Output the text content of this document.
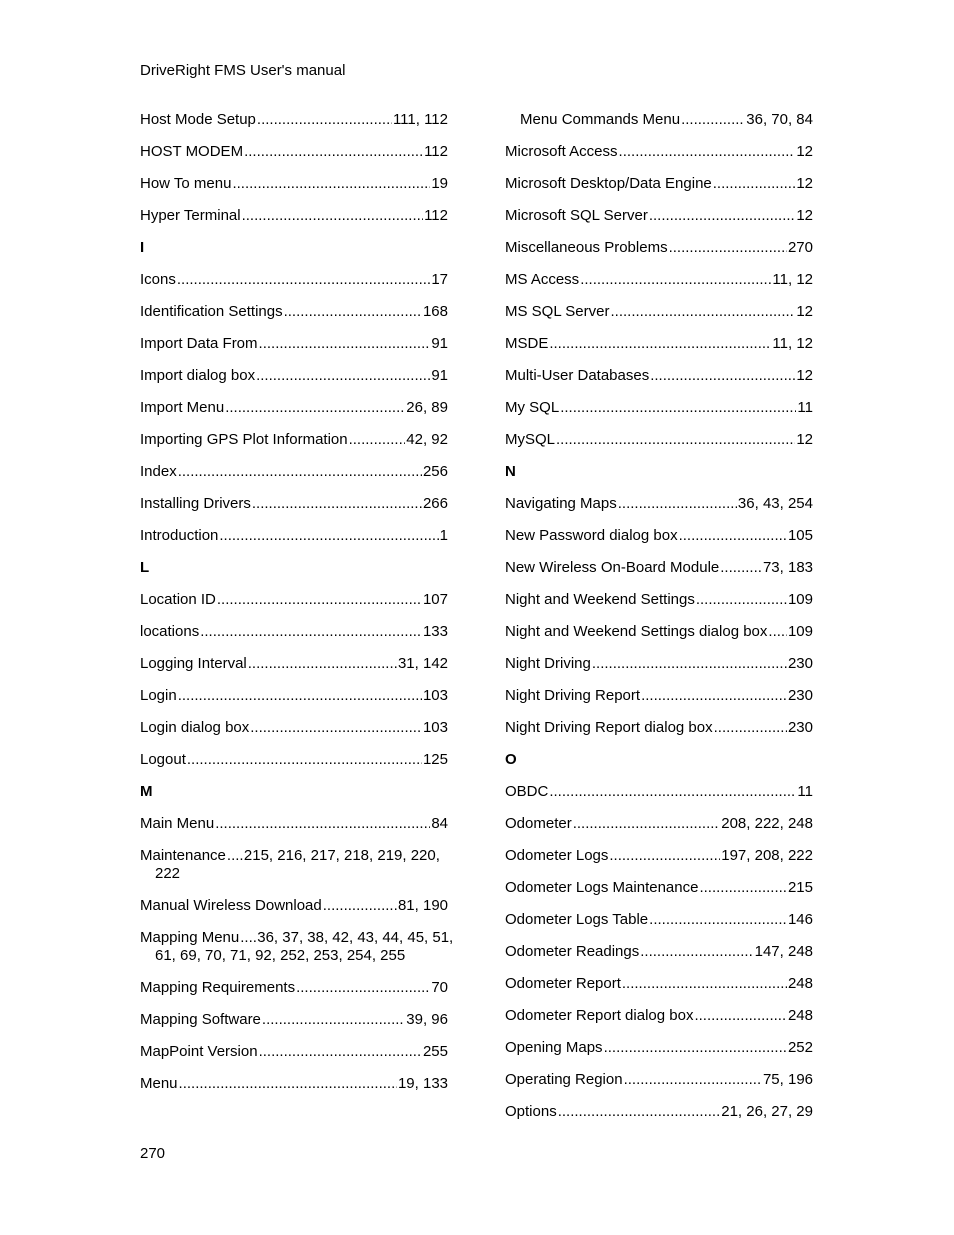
DriveRight FMS User's manual
Host Mode Setup .....	111, 112
HOST MODEM .....	112
How To menu .....	19
Hyper Terminal .....	112
I
Icons .....	17
Identification Settings .....	168
Import Data From .....	91
Import dialog box .....	91
Import Menu .....	26, 89
Importing GPS Plot Information .....	42, 92
Index .....	256
Installing Drivers .....	266
Introduction .....	1
L
Location ID .....	107
locations .....	133
Logging Interval .....	31, 142
Login .....	103
Login dialog box .....	103
Logout .....	125
M
Main Menu .....	84
Maintenance ..... 215, 216, 217, 218, 219, 220,
222
Manual Wireless Download .....	81, 190
Mapping Menu ..... 36, 37, 38, 42, 43, 44, 45, 51,
61, 69, 70, 71, 92, 252, 253, 254, 255
Mapping Requirements .....	70
Mapping Software .....	39, 96
MapPoint Version .....	255
Menu .....	19, 133
Menu Commands Menu .....	36, 70, 84
Microsoft Access .....	12
Microsoft Desktop/Data Engine .....	12
Microsoft SQL Server .....	12
Miscellaneous Problems .....	270
MS Access .....	11, 12
MS SQL Server .....	12
MSDE .....	11, 12
Multi-User Databases .....	12
My SQL .....	11
MySQL .....	12
N
Navigating Maps .....	36, 43, 254
New Password dialog box .....	105
New Wireless On-Board Module .....	73, 183
Night and Weekend Settings .....	109
Night and Weekend Settings dialog box ..... 109
Night Driving .....	230
Night Driving Report .....	230
Night Driving Report dialog box .....	230
O
OBDC .....	11
Odometer .....	208, 222, 248
Odometer Logs .....	197, 208, 222
Odometer Logs Maintenance .....	215
Odometer Logs Table .....	146
Odometer Readings .....	147, 248
Odometer Report .....	248
Odometer Report dialog box .....	248
Opening Maps .....	252
Operating Region .....	75, 196
Options .....	21, 26, 27, 29
270
